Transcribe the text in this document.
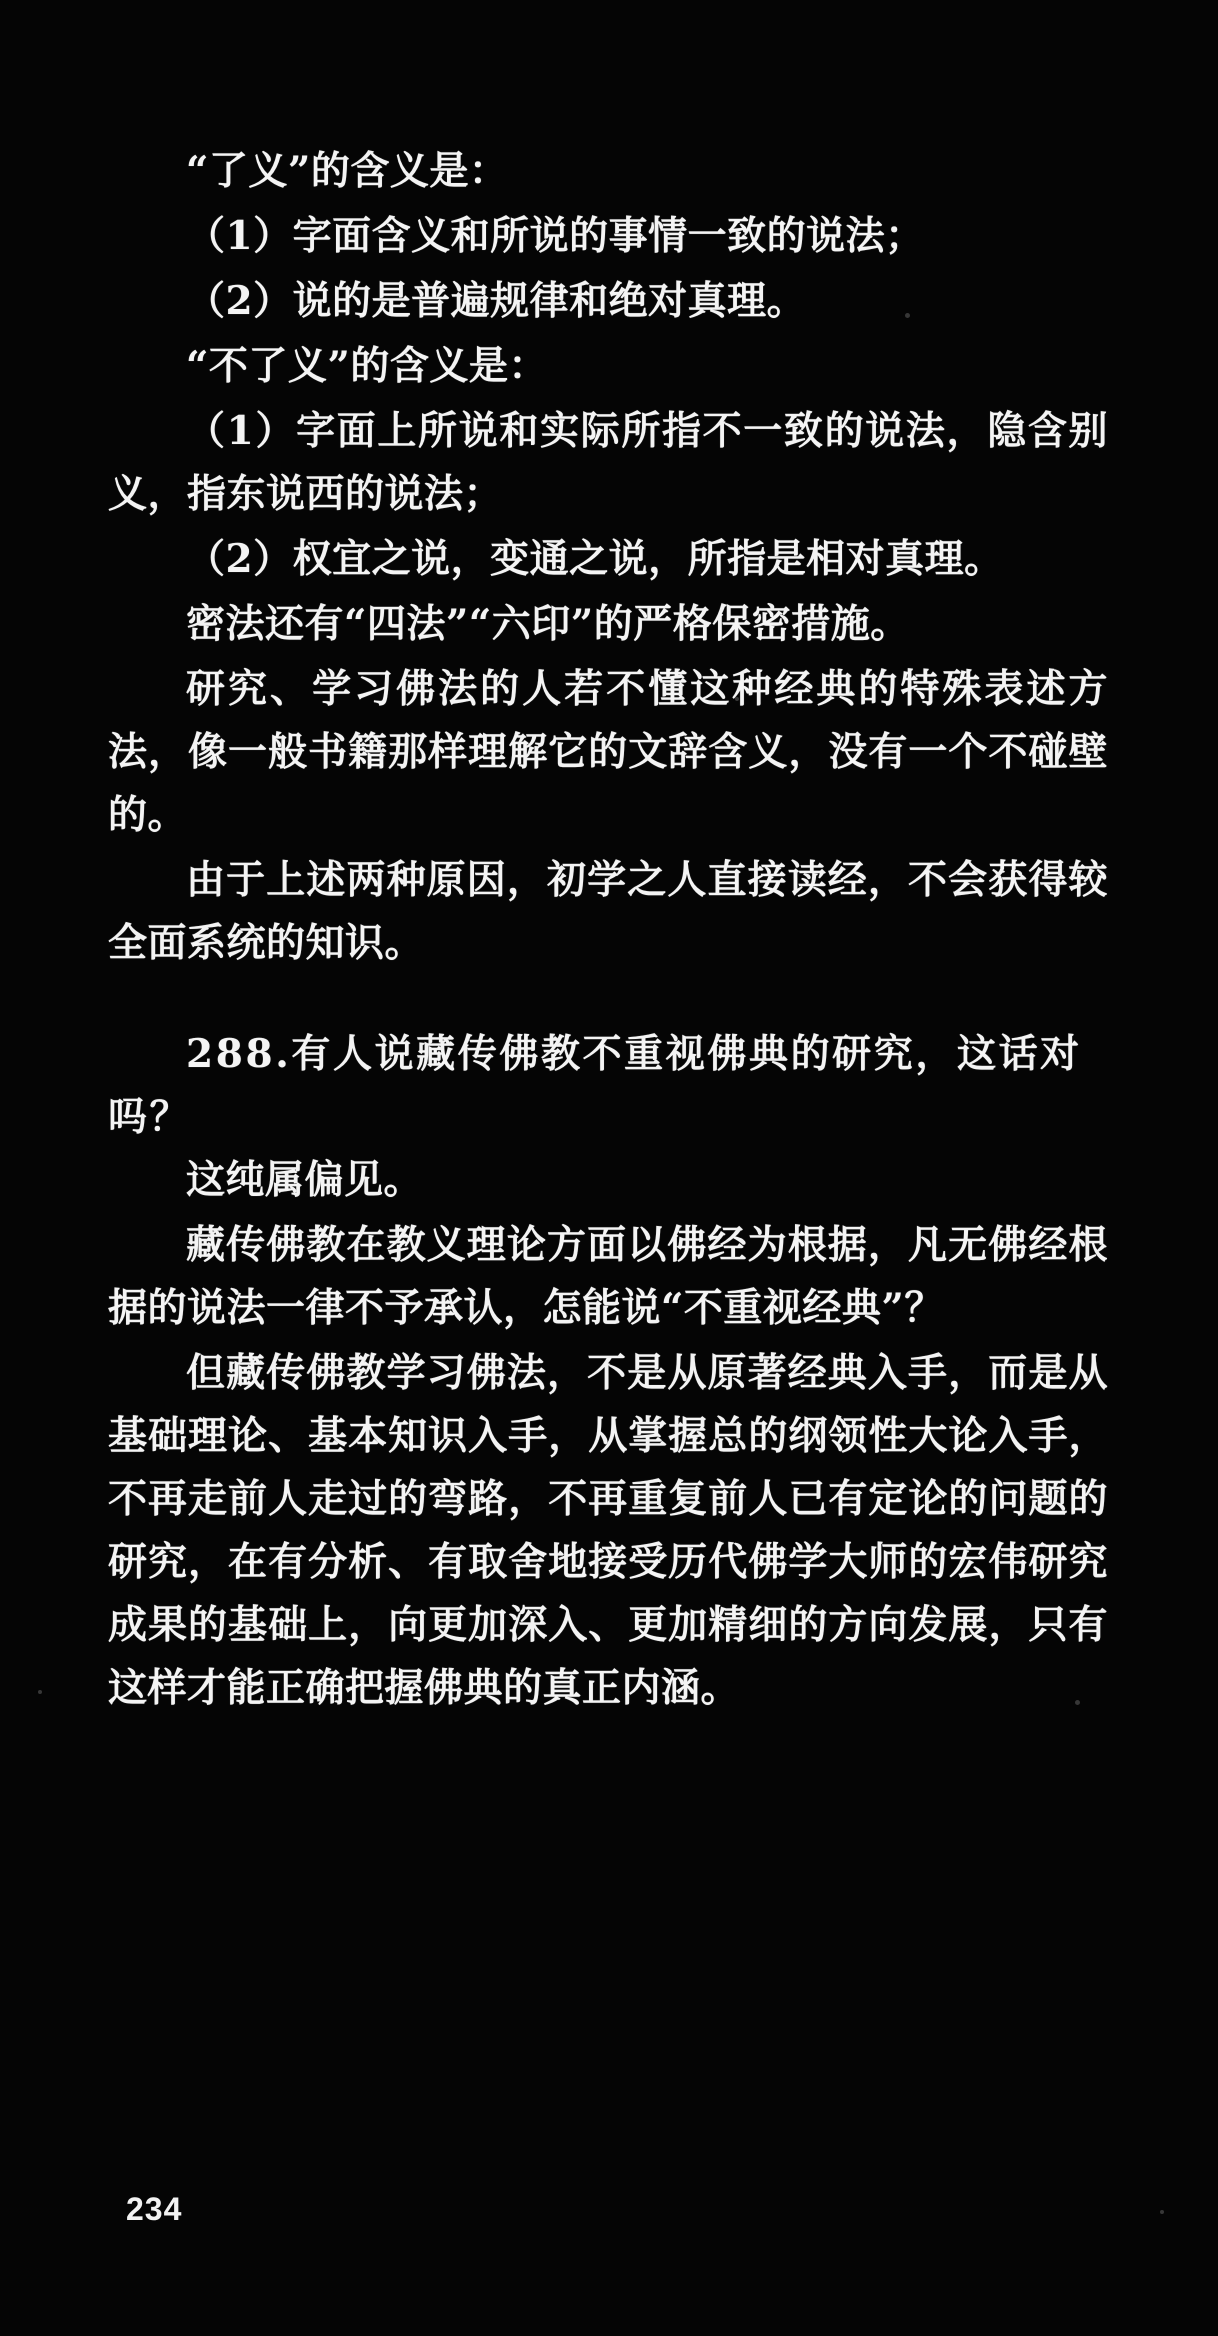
“了义”的含义是：

（1）字面含义和所说的事情一致的说法；

（2）说的是普遍规律和绝对真理。

“不了义”的含义是：

（1）字面上所说和实际所指不一致的说法，隐含别义，指东说西的说法；

（2）权宜之说，变通之说，所指是相对真理。

密法还有“四法”“六印”的严格保密措施。

研究、学习佛法的人若不懂这种经典的特殊表述方法，像一般书籍那样理解它的文辞含义，没有一个不碰壁的。

由于上述两种原因，初学之人直接读经，不会获得较全面系统的知识。

288.有人说藏传佛教不重视佛典的研究，这话对吗？

这纯属偏见。

藏传佛教在教义理论方面以佛经为根据，凡无佛经根据的说法一律不予承认，怎能说“不重视经典”？

但藏传佛教学习佛法，不是从原著经典入手，而是从基础理论、基本知识入手，从掌握总的纲领性大论入手，不再走前人走过的弯路，不再重复前人已有定论的问题的研究，在有分析、有取舍地接受历代佛学大师的宏伟研究成果的基础上，向更加深入、更加精细的方向发展，只有这样才能正确把握佛典的真正内涵。

234
